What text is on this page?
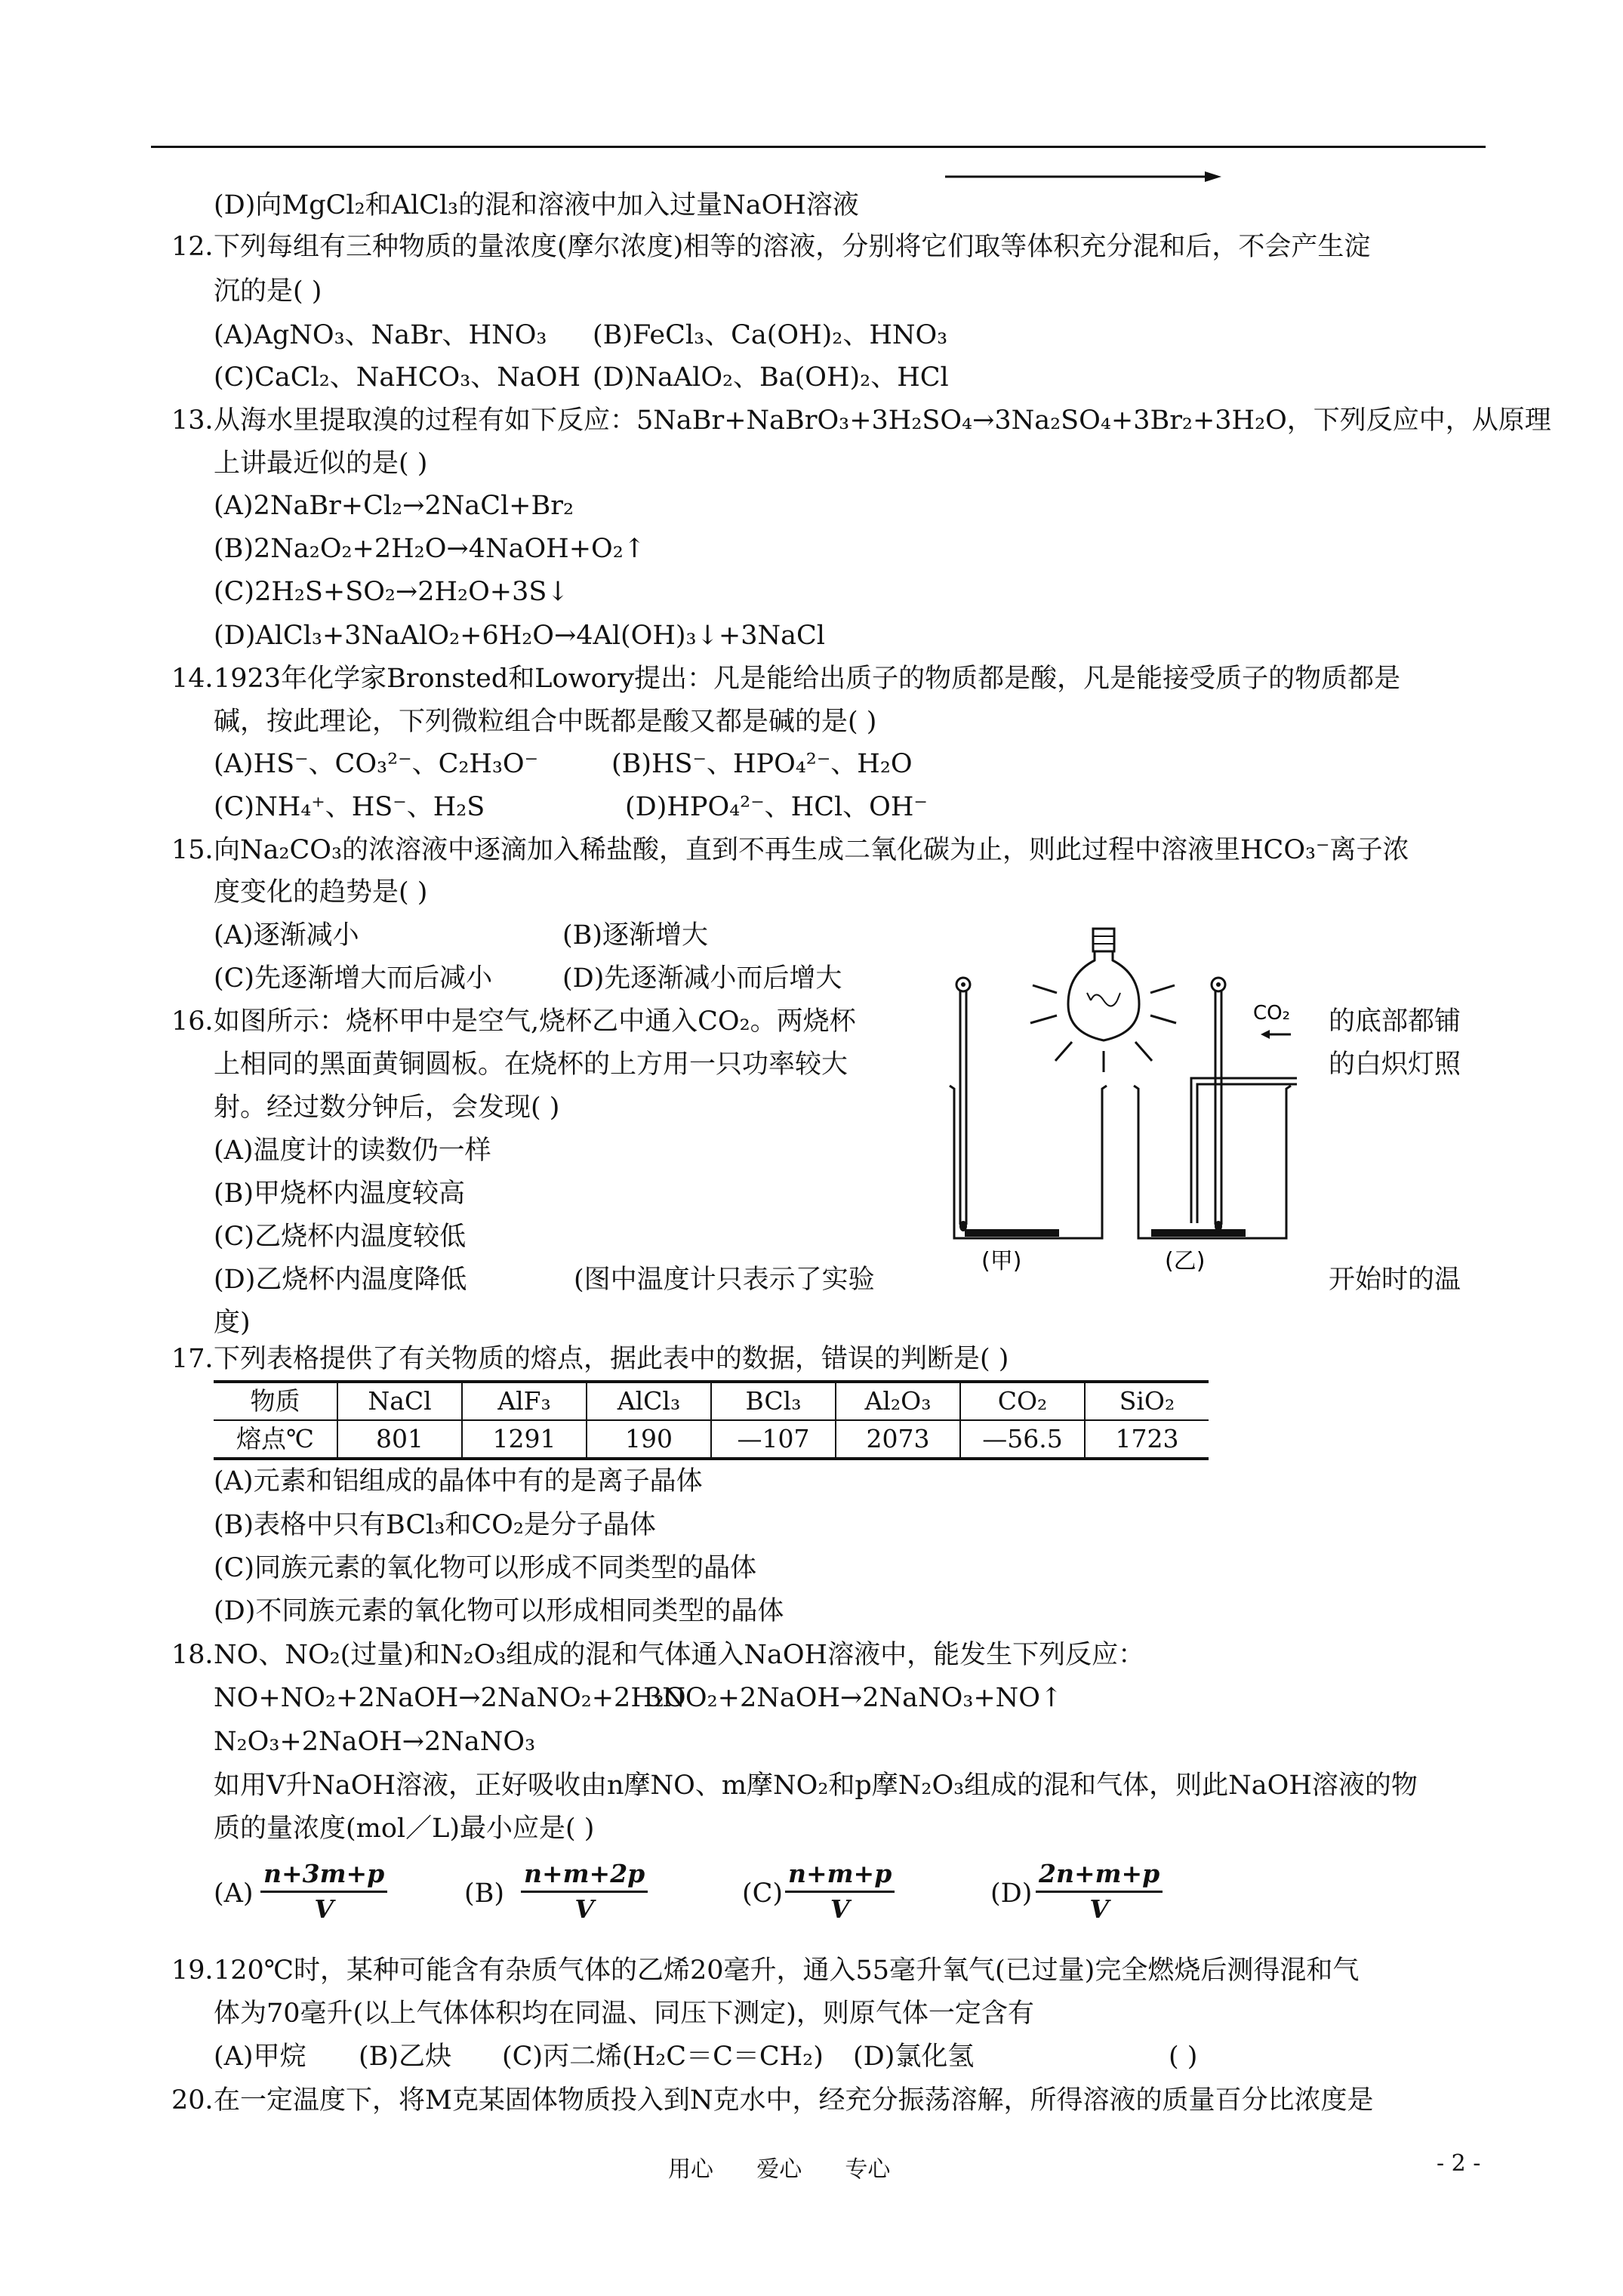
(D)向MgCl₂和AlCl₃的混和溶液中加入过量NaOH溶液
12．下列每组有三种物质的量浓度(摩尔浓度)相等的溶液，分别将它们取等体积充分混和后，不会产生淀
沉的是( )
(A)AgNO₃、NaBr、HNO₃ (B)FeCl₃、Ca(OH)₂、HNO₃
(C)CaCl₂、NaHCO₃、NaOH (D)NaAlO₂、Ba(OH)₂、HCl
13．从海水里提取溴的过程有如下反应：5NaBr+NaBrO₃+3H₂SO₄→3Na₂SO₄+3Br₂+3H₂O，下列反应中，从原理
上讲最近似的是( )
(A)2NaBr+Cl₂→2NaCl+Br₂
(B)2Na₂O₂+2H₂O→4NaOH+O₂↑
(C)2H₂S+SO₂→2H₂O+3S↓
(D)AlCl₃+3NaAlO₂+6H₂O→4Al(OH)₃↓+3NaCl
14．1923年化学家Bronsted和Lowory提出：凡是能给出质子的物质都是酸，凡是能接受质子的物质都是
碱，按此理论，下列微粒组合中既都是酸又都是碱的是( )
(A)HS⁻、CO₃²⁻、C₂H₃O⁻	(B)HS⁻、HPO₄²⁻、H₂O
(C)NH₄⁺、HS⁻、H₂S	(D)HPO₄²⁻、HCl、OH⁻
15．向Na₂CO₃的浓溶液中逐滴加入稀盐酸，直到不再生成二氧化碳为止，则此过程中溶液里HCO₃⁻离子浓
度变化的趋势是( )
(A)逐渐减小	(B)逐渐增大
(C)先逐渐增大而后减小	(D)先逐渐减小而后增大
16．如图所示：烧杯甲中是空气,烧杯乙中通入CO₂。两烧杯	的底部都铺
上相同的黑面黄铜圆板。在烧杯的上方用一只功率较大	的白炽灯照
射。经过数分钟后，会发现( )
(A)温度计的读数仍一样
(B)甲烧杯内温度较高
(C)乙烧杯内温度较低
(D)乙烧杯内温度降低	(图中温度计只表示了实验	开始时的温
度)
CO₂
(甲)	(乙)
17．下列表格提供了有关物质的熔点，据此表中的数据，错误的判断是( )
物质	NaCl	AlF₃	AlCl₃	BCl₃	Al₂O₃	CO₂	SiO₂
熔点℃	801	1291	190	—107	2073	—56.5	1723
(A)元素和铝组成的晶体中有的是离子晶体
(B)表格中只有BCl₃和CO₂是分子晶体
(C)同族元素的氧化物可以形成不同类型的晶体
(D)不同族元素的氧化物可以形成相同类型的晶体
18．NO、NO₂(过量)和N₂O₃组成的混和气体通入NaOH溶液中，能发生下列反应：
NO+NO₂+2NaOH→2NaNO₂+2H₂O
3NO₂+2NaOH→2NaNO₃+NO↑
N₂O₃+2NaOH→2NaNO₃
如用V升NaOH溶液，正好吸收由n摩NO、m摩NO₂和p摩N₂O₃组成的混和气体，则此NaOH溶液的物
质的量浓度(mol／L)最小应是( )
$(A) \frac{n+3m+p}{V}$	$(B) \frac{n+m+2p}{V}$	$(C) \frac{n+m+p}{V}$	$(D) \frac{2n+m+p}{V}$
19．120℃时，某种可能含有杂质气体的乙烯20毫升，通入55毫升氧气(已过量)完全燃烧后测得混和气
体为70毫升(以上气体体积均在同温、同压下测定)，则原气体一定含有
(A)甲烷 (B)乙炔 (C)丙二烯(H₂C＝C＝CH₂) (D)氯化氢	( )
20．在一定温度下，将M克某固体物质投入到N克水中，经充分振荡溶解，所得溶液的质量百分比浓度是
用心      爱心      专心	- 2 -
